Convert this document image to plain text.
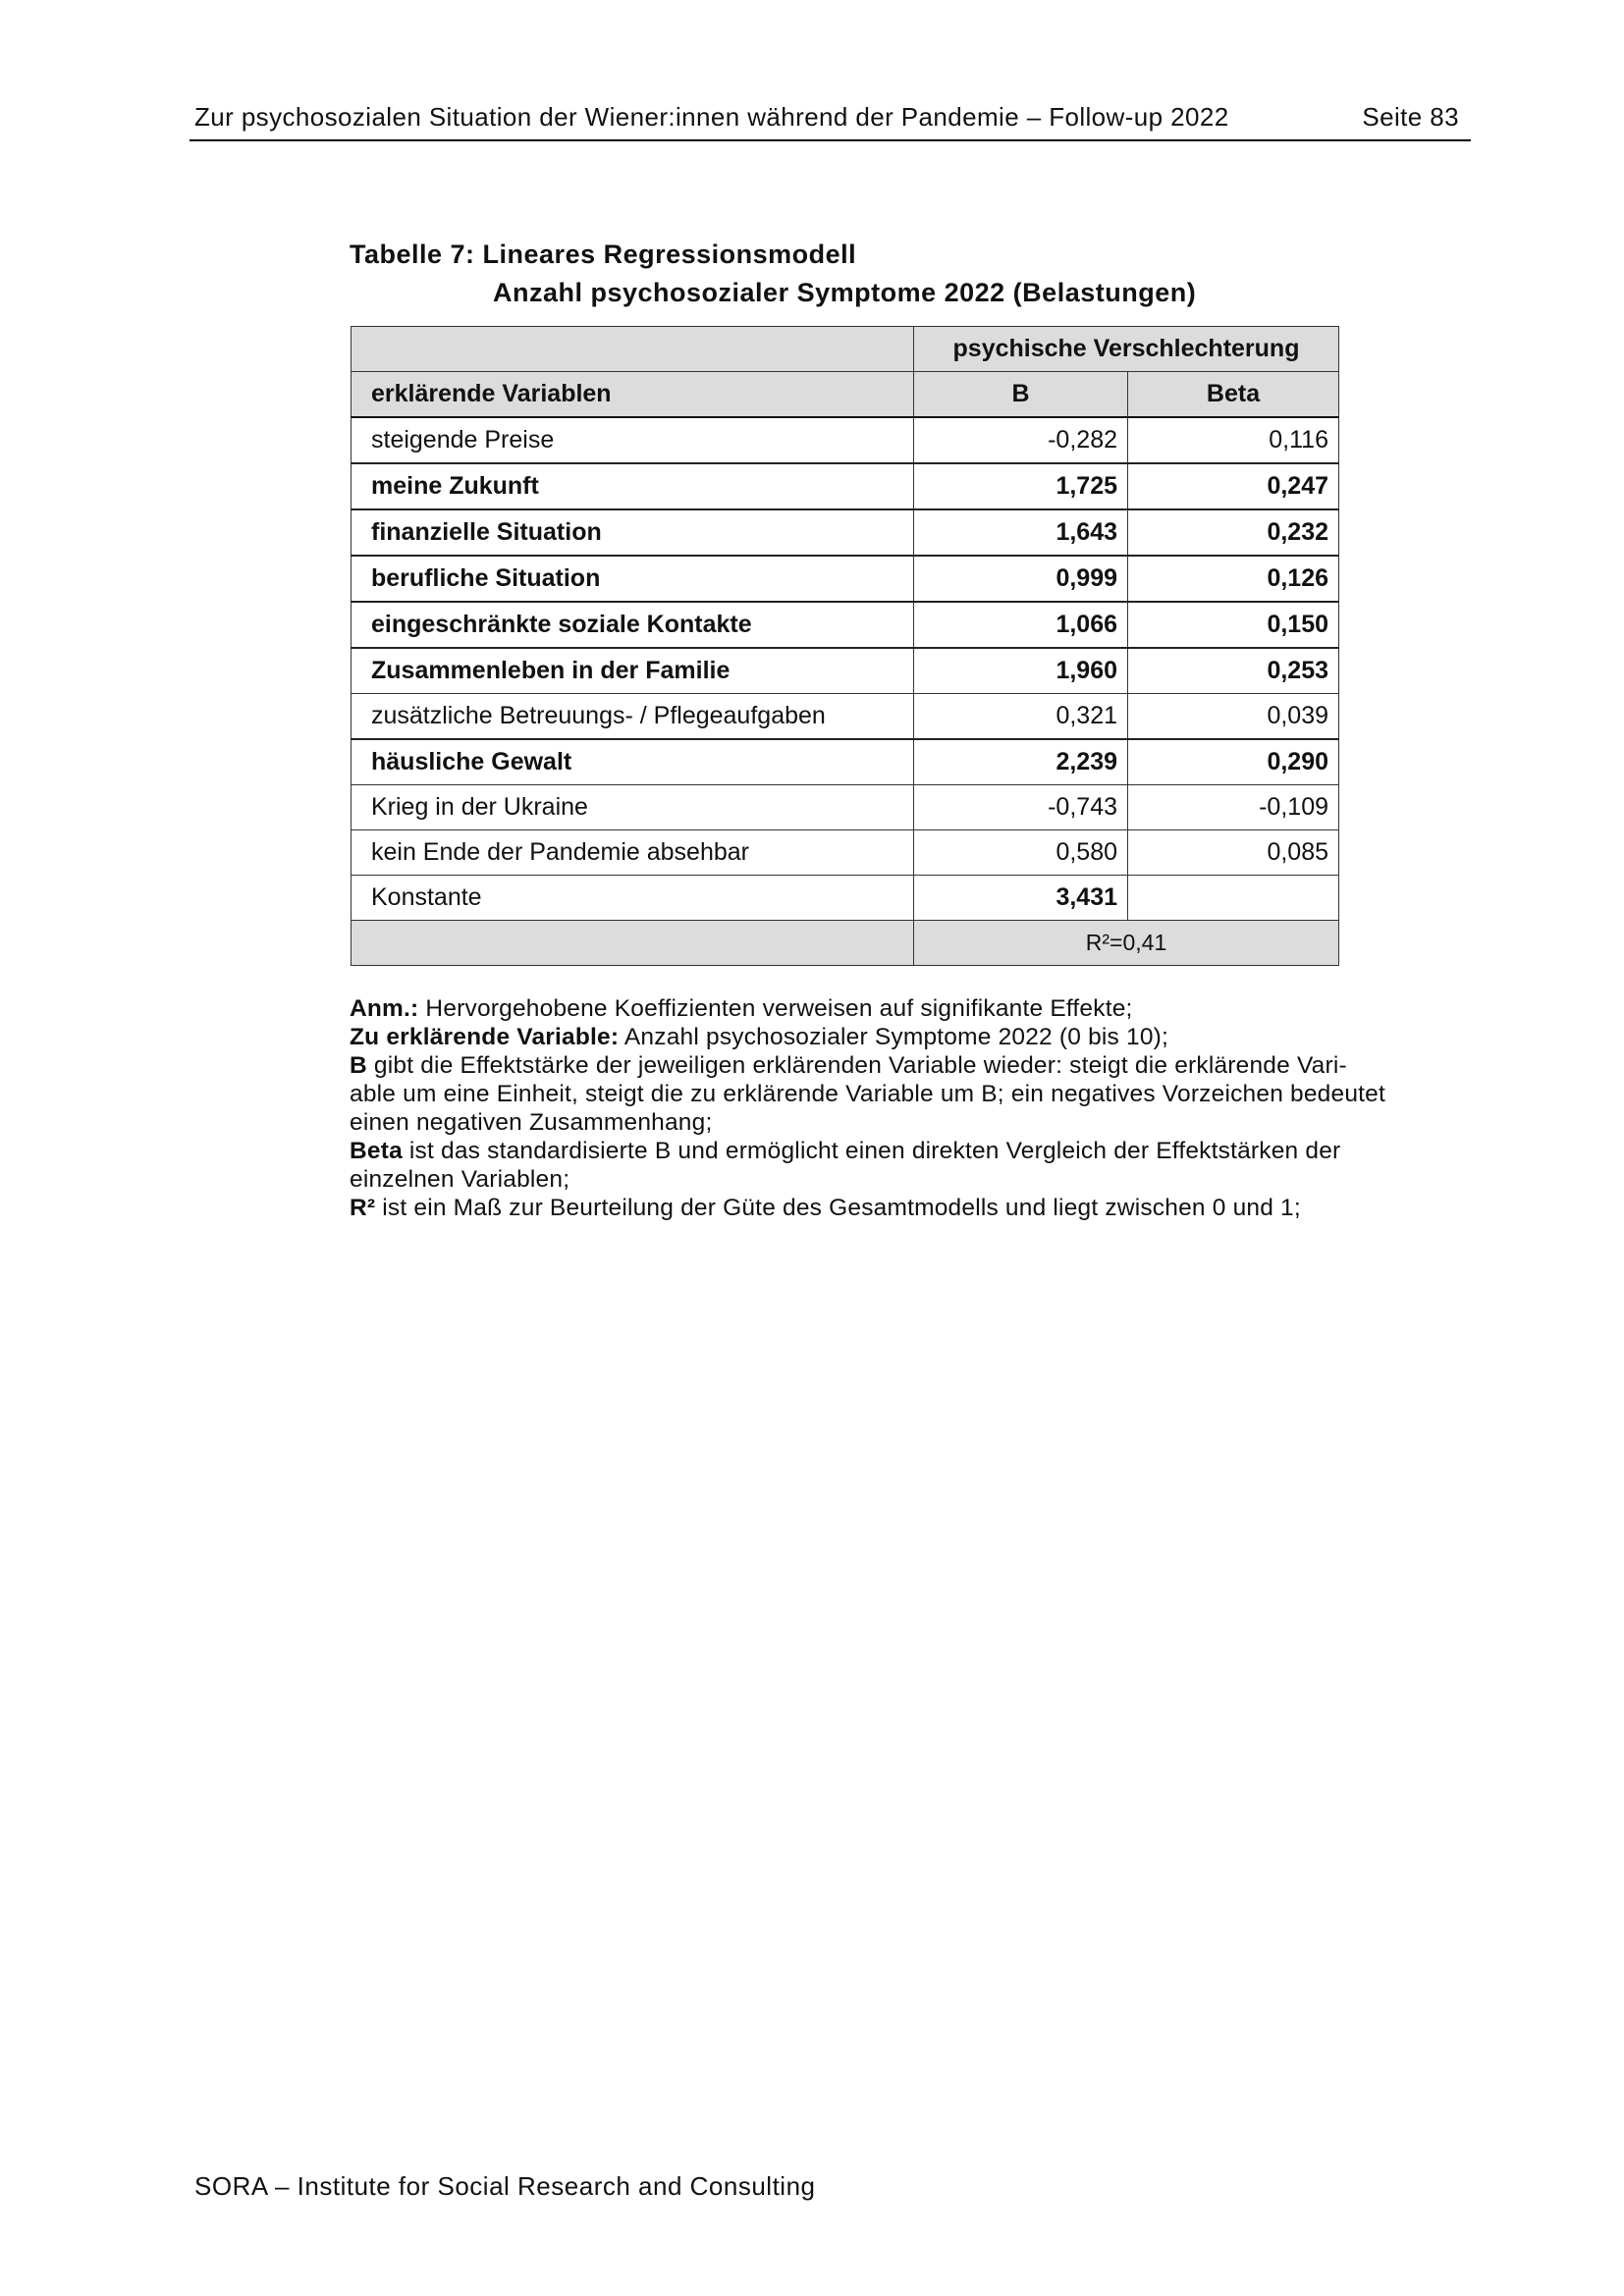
Zur psychosozialen Situation der Wiener:innen während der Pandemie – Follow-up 2022	Seite 83
Tabelle 7: Lineares Regressionsmodell
Anzahl psychosozialer Symptome 2022 (Belastungen)
	psychische Verschlechterung	
erklärende Variablen	B	Beta
steigende Preise	-0,282	0,116
meine Zukunft	1,725	0,247
finanzielle Situation	1,643	0,232
berufliche Situation	0,999	0,126
eingeschränkte soziale Kontakte	1,066	0,150
Zusammenleben in der Familie	1,960	0,253
zusätzliche Betreuungs- / Pflegeaufgaben	0,321	0,039
häusliche Gewalt	2,239	0,290
Krieg in der Ukraine	-0,743	-0,109
kein Ende der Pandemie absehbar	0,580	0,085
Konstante	3,431	
	R²=0,41	

Anm.: Hervorgehobene Koeffizienten verweisen auf signifikante Effekte;

Zu erklärende Variable: Anzahl psychosozialer Symptome 2022 (0 bis 10);

B gibt die Effektstärke der jeweiligen erklärenden Variable wieder: steigt die erklärende Vari-

able um eine Einheit, steigt die zu erklärende Variable um B; ein negatives Vorzeichen bedeutet

einen negativen Zusammenhang;

Beta ist das standardisierte B und ermöglicht einen direkten Vergleich der Effektstärken der

einzelnen Variablen;

R² ist ein Maß zur Beurteilung der Güte des Gesamtmodells und liegt zwischen 0 und 1;

SORA – Institute for Social Research and Consulting
